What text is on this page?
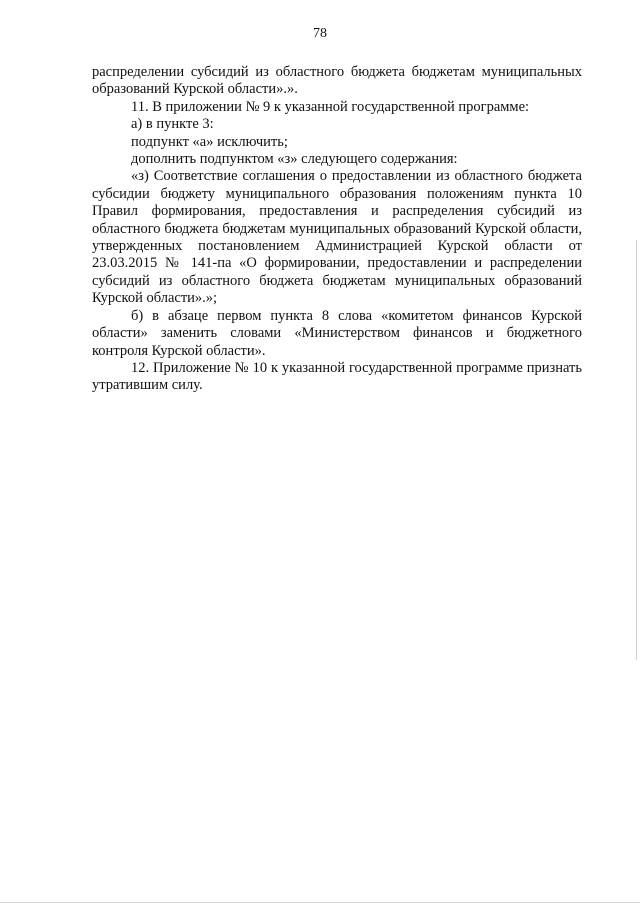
78

распределении субсидий из областного бюджета бюджетам муниципальных образований Курской области».».

11. В приложении № 9 к указанной государственной программе:

а) в пункте 3:

подпункт «а» исключить;

дополнить подпунктом «з» следующего содержания:

«з) Соответствие соглашения о предоставлении из областного бюджета субсидии бюджету муниципального образования положениям пункта 10 Правил формирования, предоставления и распределения субсидий из областного бюджета бюджетам муниципальных образований Курской области, утвержденных постановлением Администрацией Курской области от 23.03.2015 № 141-па «О формировании, предоставлении и распределении субсидий из областного бюджета бюджетам муниципальных образований Курской области».»;

б) в абзаце первом пункта 8 слова «комитетом финансов Курской области» заменить словами «Министерством финансов и бюджетного контроля Курской области».

12. Приложение № 10 к указанной государственной программе признать утратившим силу.
